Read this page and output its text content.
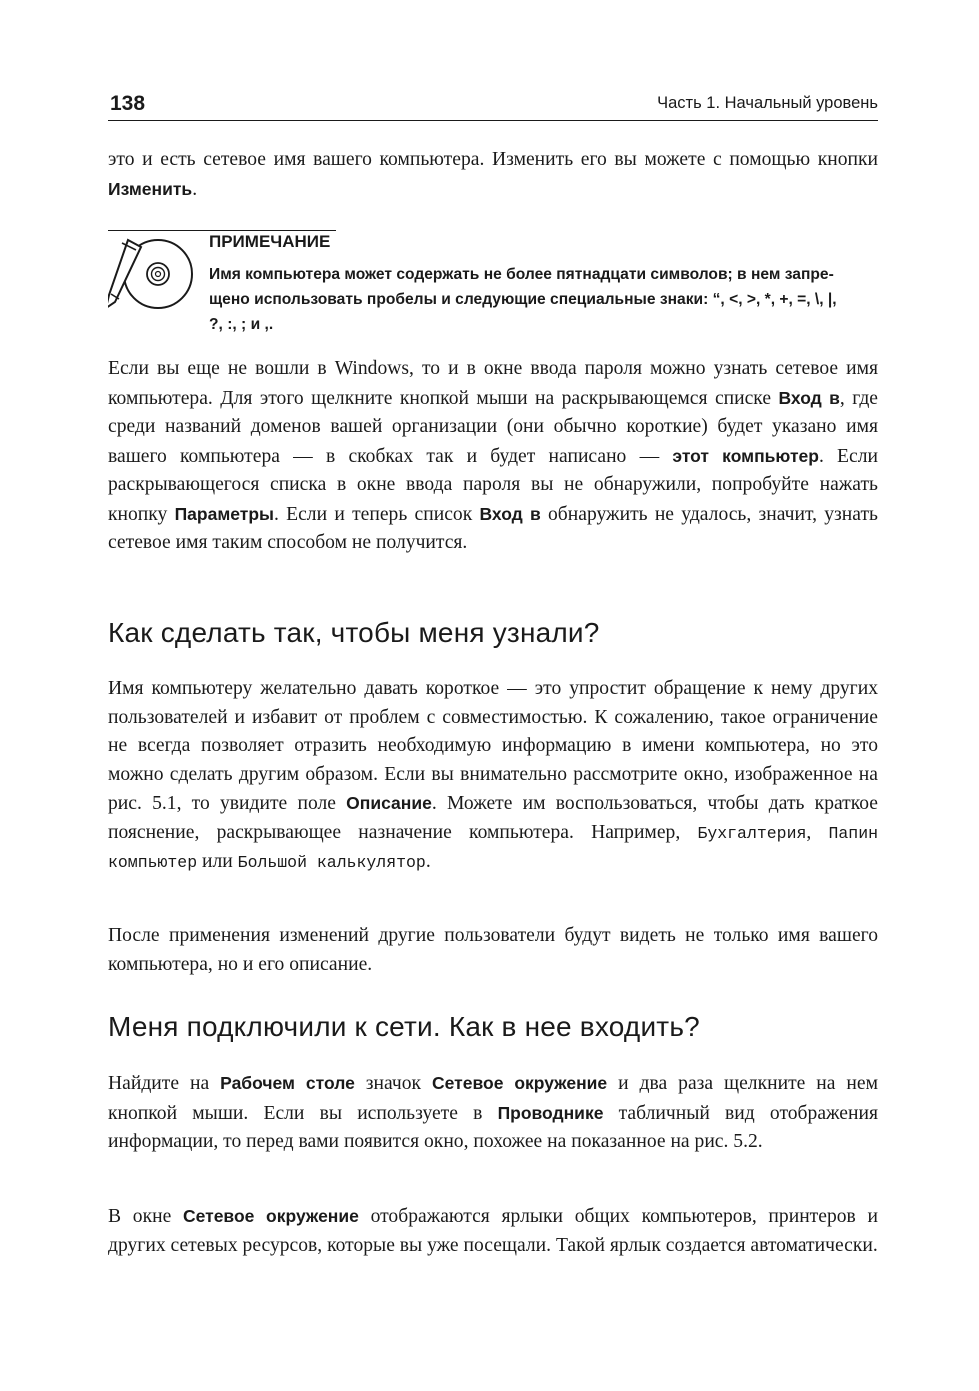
138	Часть 1. Начальный уровень

это и есть сетевое имя вашего компьютера. Изменить его вы можете с помощью кнопки Изменить.

ПРИМЕЧАНИЕ
Имя компьютера может содержать не более пятнадцати символов; в нем запре-
щено использовать пробелы и следующие специальные знаки: “, <, >, *, +, =, \, |,
?, :, ; и ,.

Если вы еще не вошли в Windows, то и в окне ввода пароля можно узнать сетевое имя компьютера. Для этого щелкните кнопкой мыши на раскрывающемся списке Вход в, где среди названий доменов вашей организации (они обычно короткие) будет указано имя вашего компьютера — в скобках так и будет написано — этот компьютер. Если раскрывающегося списка в окне ввода пароля вы не обнаружили, попробуйте нажать кнопку Параметры. Если и теперь список Вход в обнаружить не удалось, значит, узнать сетевое имя таким способом не получится.

Как сделать так, чтобы меня узнали?

Имя компьютеру желательно давать короткое — это упростит обращение к нему других пользователей и избавит от проблем с совместимостью. К сожалению, такое ограничение не всегда позволяет отразить необходимую информацию в имени компьютера, но это можно сделать другим образом. Если вы внимательно рассмотрите окно, изображенное на рис. 5.1, то увидите поле Описание. Можете им воспользоваться, чтобы дать краткое пояснение, раскрывающее назначение компьютера. Например, Бухгалтерия, Папин компьютер или Большой калькулятор.

После применения изменений другие пользователи будут видеть не только имя вашего компьютера, но и его описание.

Меня подключили к сети. Как в нее входить?

Найдите на Рабочем столе значок Сетевое окружение и два раза щелкните на нем кнопкой мыши. Если вы используете в Проводнике табличный вид отображения информации, то перед вами появится окно, похожее на показанное на рис. 5.2.

В окне Сетевое окружение отображаются ярлыки общих компьютеров, принтеров и других сетевых ресурсов, которые вы уже посещали. Такой ярлык создается автоматически.
